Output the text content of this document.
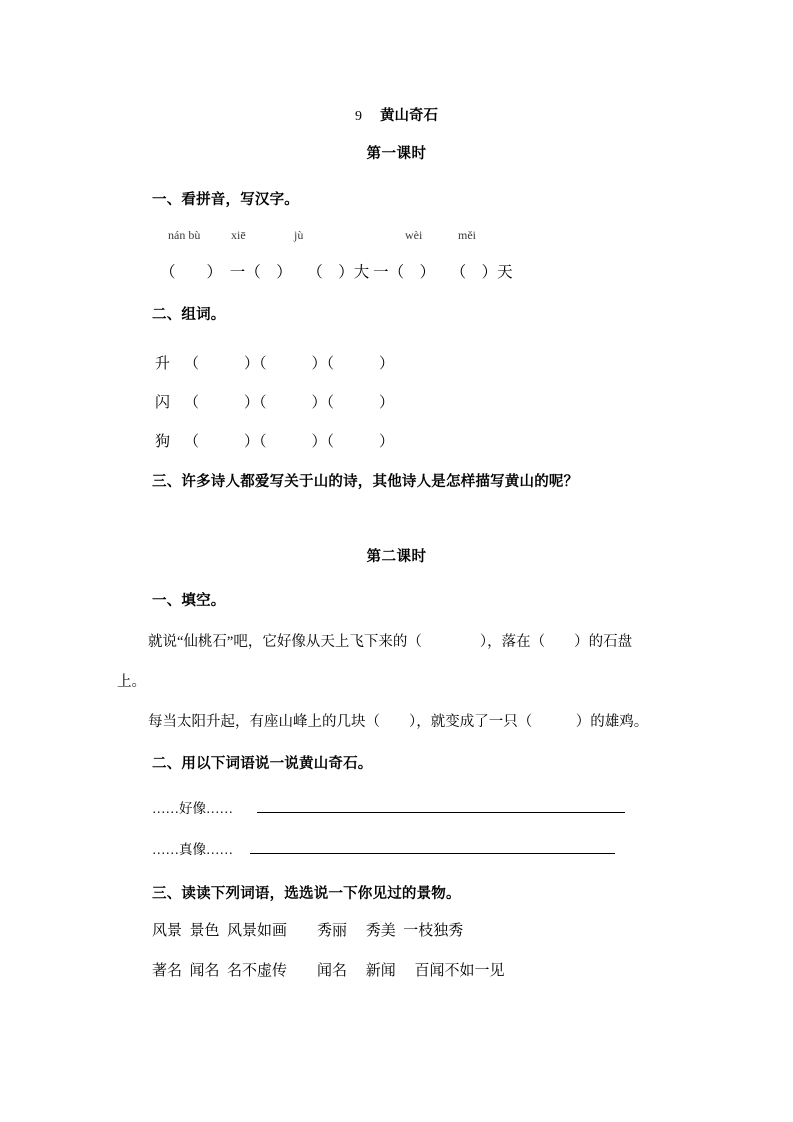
9 黄山奇石
第一课时
一、看拼音，写汉字。
nán bù	xiē	jù	wèi	měi
（　　）　一（　）　　（　）大 一（　）　　（　）天
二、组词。
升 （　　　）（　　　）（　　　）
闪 （　　　）（　　　）（　　　）
狗 （　　　）（　　　）（　　　）
三、许多诗人都爱写关于山的诗，其他诗人是怎样描写黄山的呢？
第二课时
一、填空。
就说“仙桃石”吧，它好像从天上飞下来的（　　　　），落在（　　）的石盘
上。
每当太阳升起，有座山峰上的几块（　　），就变成了一只（　　　）的雄鸡。
二、用以下词语说一说黄山奇石。
……好像……
……真像……
三、读读下列词语，选选说一下你见过的景物。
风景  景色  风景如画　　秀丽　 秀美  一枝独秀
著名  闻名  名不虚传　　闻名　 新闻　 百闻不如一见
